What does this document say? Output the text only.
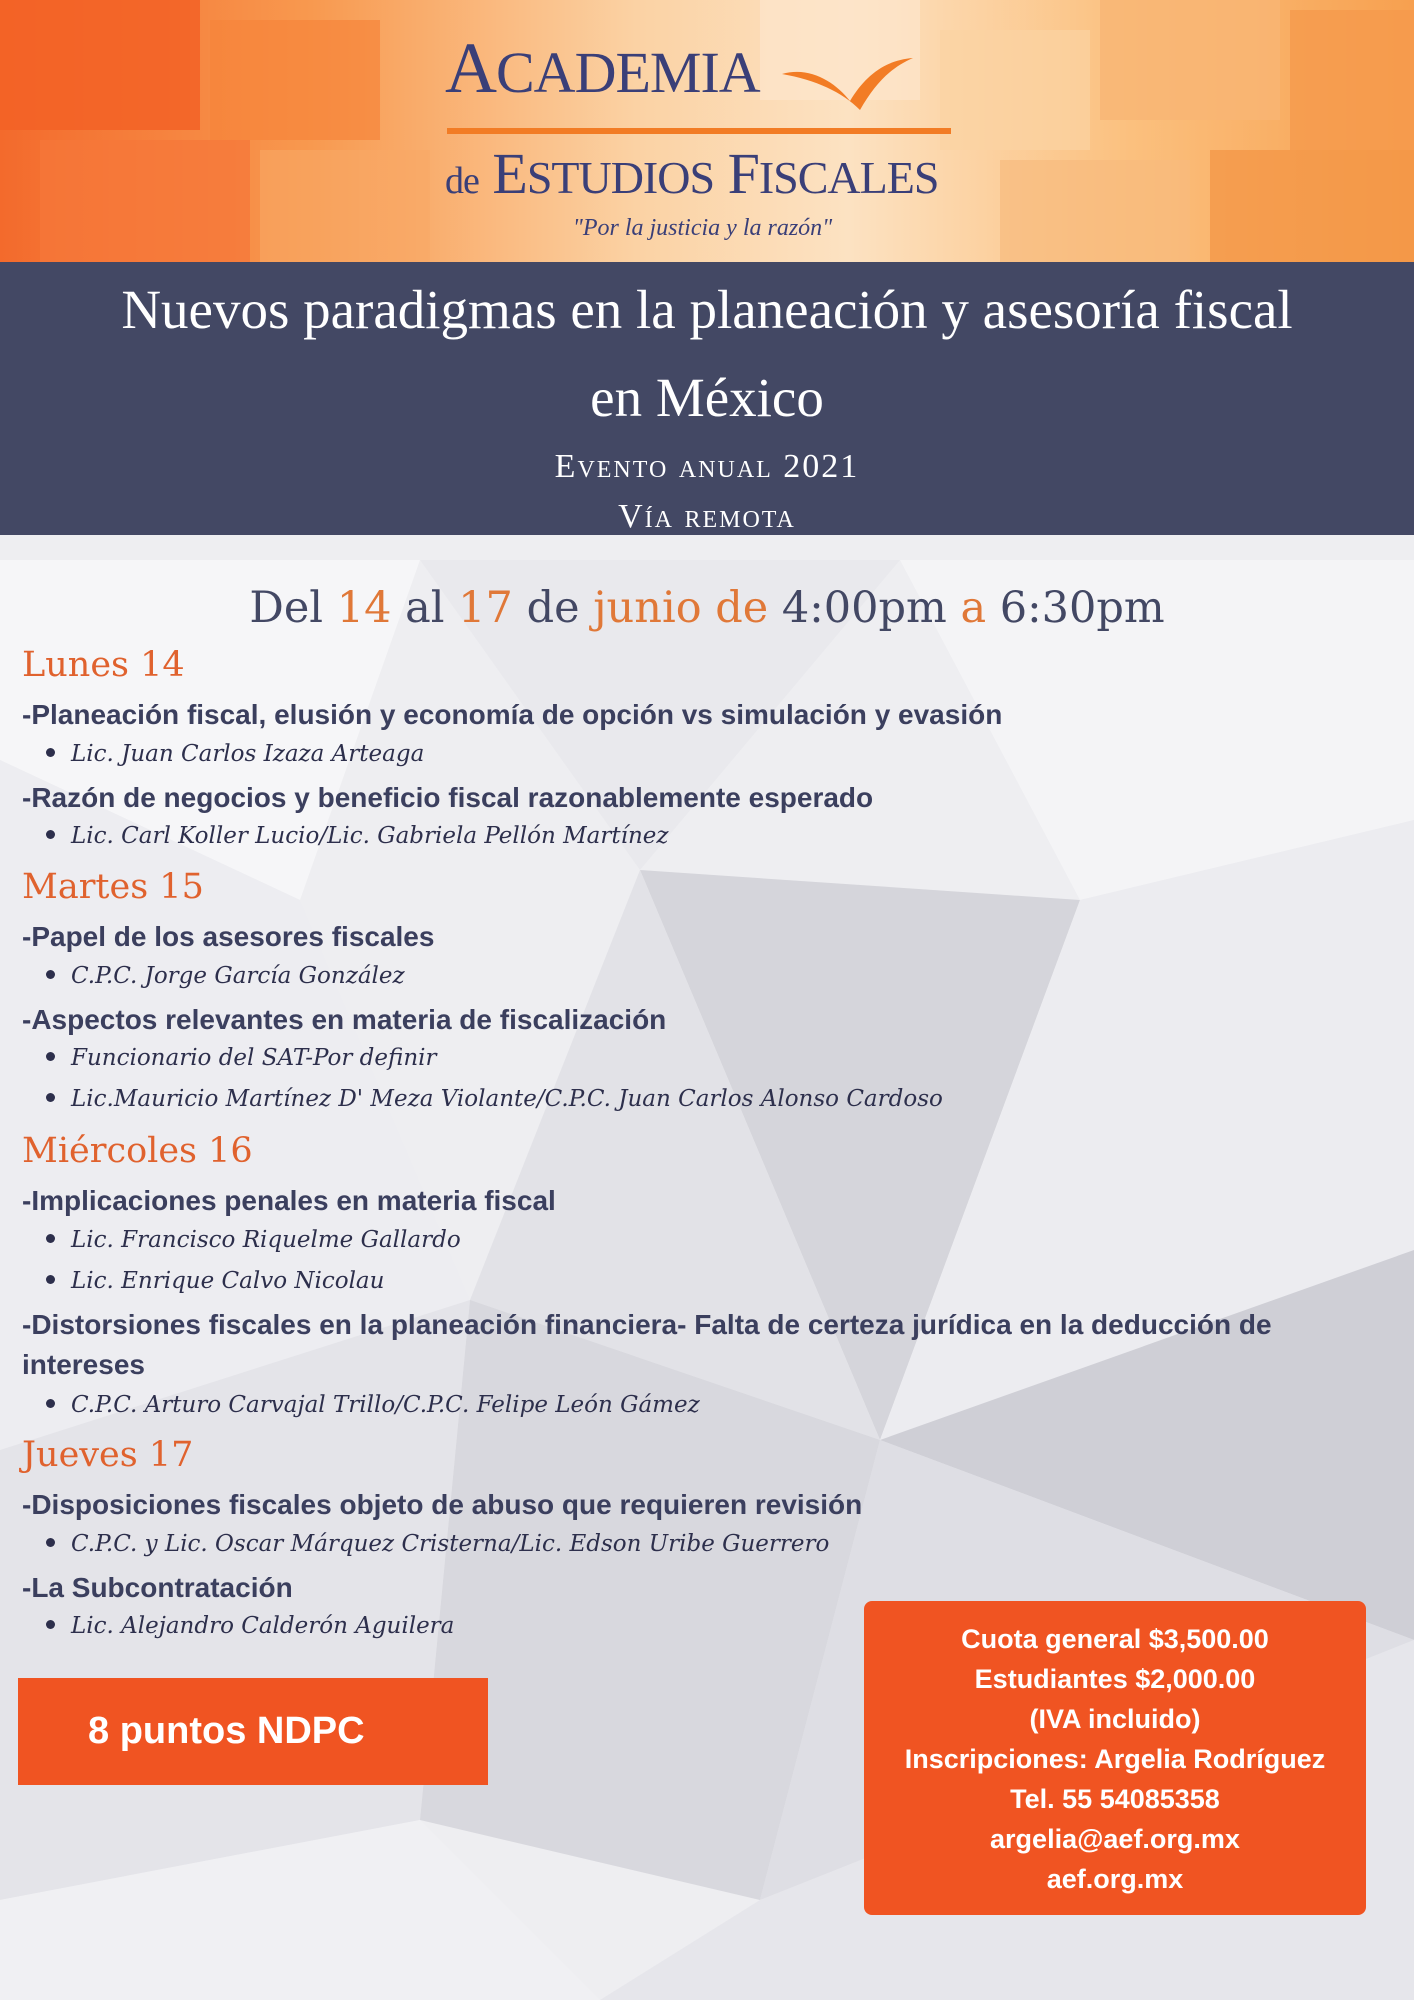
ACADEMIA
de ESTUDIOS FISCALES
"Por la justicia y la razón"
Nuevos paradigmas en la planeación y asesoría fiscal
en México
Evento anual 2021
Vía remota
Del 14 al 17 de junio de 4:00pm a 6:30pm
Lunes 14
-Planeación fiscal, elusión y economía de opción vs simulación y evasión
Lic. Juan Carlos Izaza Arteaga
-Razón de negocios y beneficio fiscal razonablemente esperado
Lic. Carl Koller Lucio/Lic. Gabriela Pellón Martínez
Martes 15
-Papel de los asesores fiscales
C.P.C. Jorge García González
-Aspectos relevantes en materia de fiscalización
Funcionario del SAT-Por definir
Lic.Mauricio Martínez D' Meza Violante/C.P.C. Juan Carlos Alonso Cardoso
Miércoles 16
-Implicaciones penales en materia fiscal
Lic. Francisco Riquelme Gallardo
Lic. Enrique Calvo Nicolau
-Distorsiones fiscales en la planeación financiera- Falta de certeza jurídica en la deducción de intereses
C.P.C. Arturo Carvajal Trillo/C.P.C. Felipe León Gámez
Jueves 17
-Disposiciones fiscales objeto de abuso que requieren revisión
C.P.C. y Lic. Oscar Márquez Cristerna/Lic. Edson Uribe Guerrero
-La Subcontratación
Lic. Alejandro Calderón Aguilera
8 puntos NDPC
Cuota general $3,500.00
Estudiantes $2,000.00
(IVA incluido)
Inscripciones: Argelia Rodríguez
Tel. 55 54085358
argelia@aef.org.mx
aef.org.mx
